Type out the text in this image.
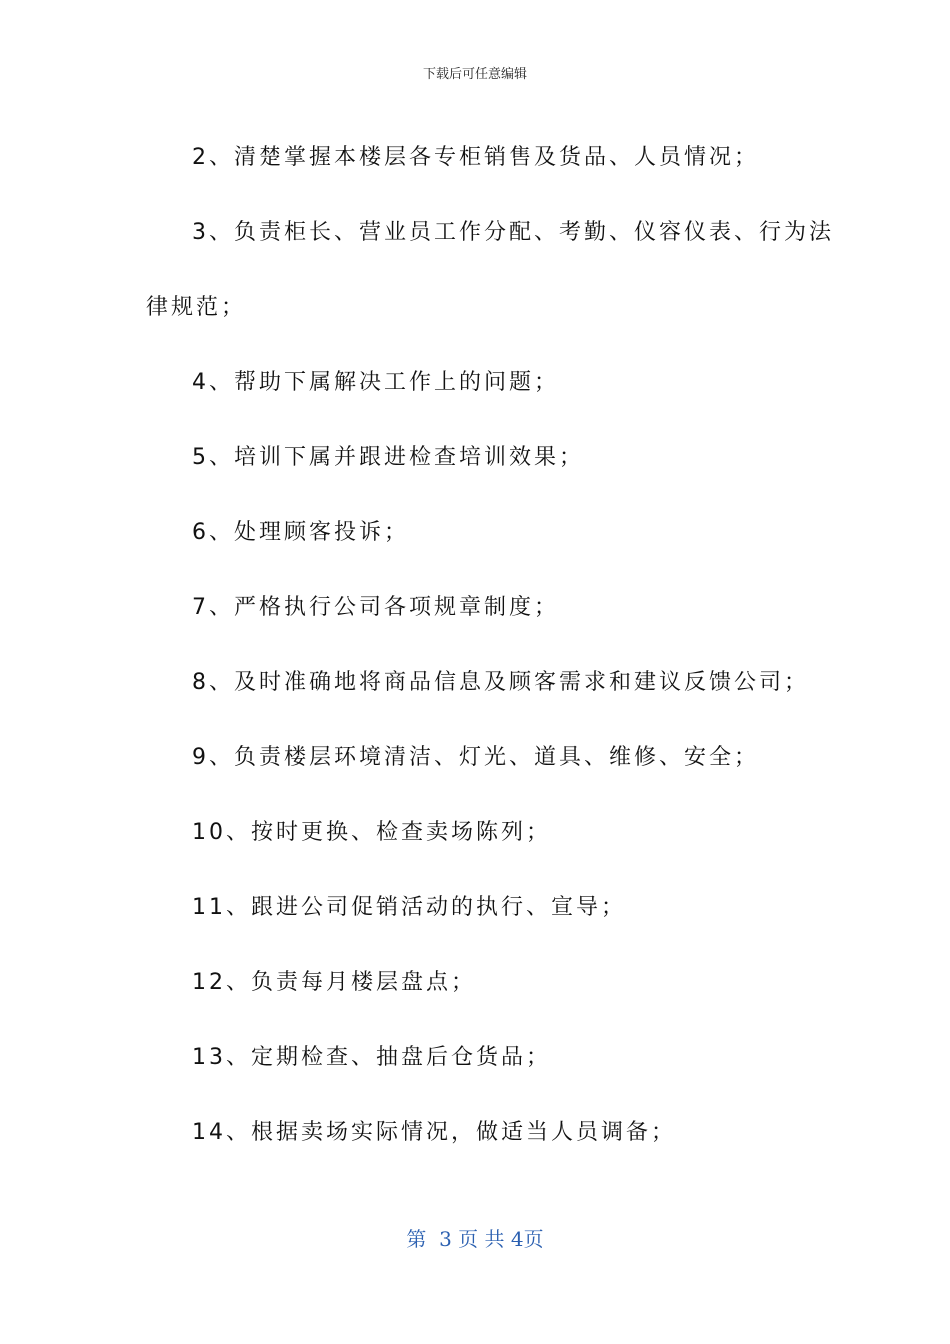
下载后可任意编辑
2、清楚掌握本楼层各专柜销售及货品、人员情况；
3、负责柜长、营业员工作分配、考勤、仪容仪表、行为法
律规范；
4、帮助下属解决工作上的问题；
5、培训下属并跟进检查培训效果；
6、处理顾客投诉；
7、严格执行公司各项规章制度；
8、及时准确地将商品信息及顾客需求和建议反馈公司；
9、负责楼层环境清洁、灯光、道具、维修、安全；
10、按时更换、检查卖场陈列；
11、跟进公司促销活动的执行、宣导；
12、负责每月楼层盘点；
13、定期检查、抽盘后仓货品；
14、根据卖场实际情况，做适当人员调备；
第  3 页 共 4页
